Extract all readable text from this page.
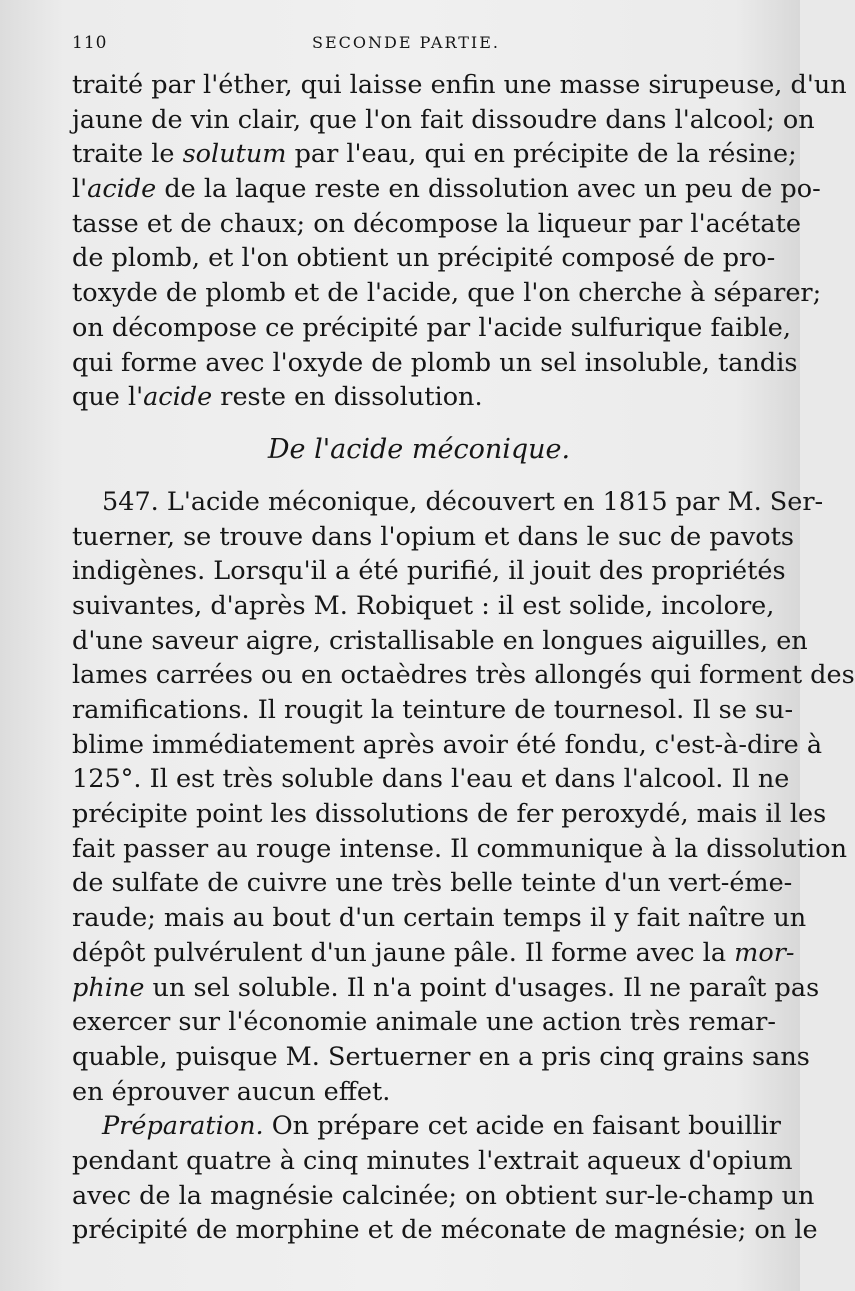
110	SECONDE PARTIE.
traité par l'éther, qui laisse enfin une masse sirupeuse, d'un
jaune de vin clair, que l'on fait dissoudre dans l'alcool; on
traite le solutum par l'eau, qui en précipite de la résine;
l'acide de la laque reste en dissolution avec un peu de po-
tasse et de chaux; on décompose la liqueur par l'acétate
de plomb, et l'on obtient un précipité composé de pro-
toxyde de plomb et de l'acide, que l'on cherche à séparer;
on décompose ce précipité par l'acide sulfurique faible,
qui forme avec l'oxyde de plomb un sel insoluble, tandis
que l'acide reste en dissolution.
De l'acide méconique.
547. L'acide méconique, découvert en 1815 par M. Ser-
tuerner, se trouve dans l'opium et dans le suc de pavots
indigènes. Lorsqu'il a été purifié, il jouit des propriétés
suivantes, d'après M. Robiquet : il est solide, incolore,
d'une saveur aigre, cristallisable en longues aiguilles, en
lames carrées ou en octaèdres très allongés qui forment des
ramifications. Il rougit la teinture de tournesol. Il se su-
blime immédiatement après avoir été fondu, c'est-à-dire à
125°. Il est très soluble dans l'eau et dans l'alcool. Il ne
précipite point les dissolutions de fer peroxydé, mais il les
fait passer au rouge intense. Il communique à la dissolution
de sulfate de cuivre une très belle teinte d'un vert-éme-
raude; mais au bout d'un certain temps il y fait naître un
dépôt pulvérulent d'un jaune pâle. Il forme avec la mor-
phine un sel soluble. Il n'a point d'usages. Il ne paraît pas
exercer sur l'économie animale une action très remar-
quable, puisque M. Sertuerner en a pris cinq grains sans
en éprouver aucun effet.
Préparation. On prépare cet acide en faisant bouillir
pendant quatre à cinq minutes l'extrait aqueux d'opium
avec de la magnésie calcinée; on obtient sur-le-champ un
précipité de morphine et de méconate de magnésie; on le
